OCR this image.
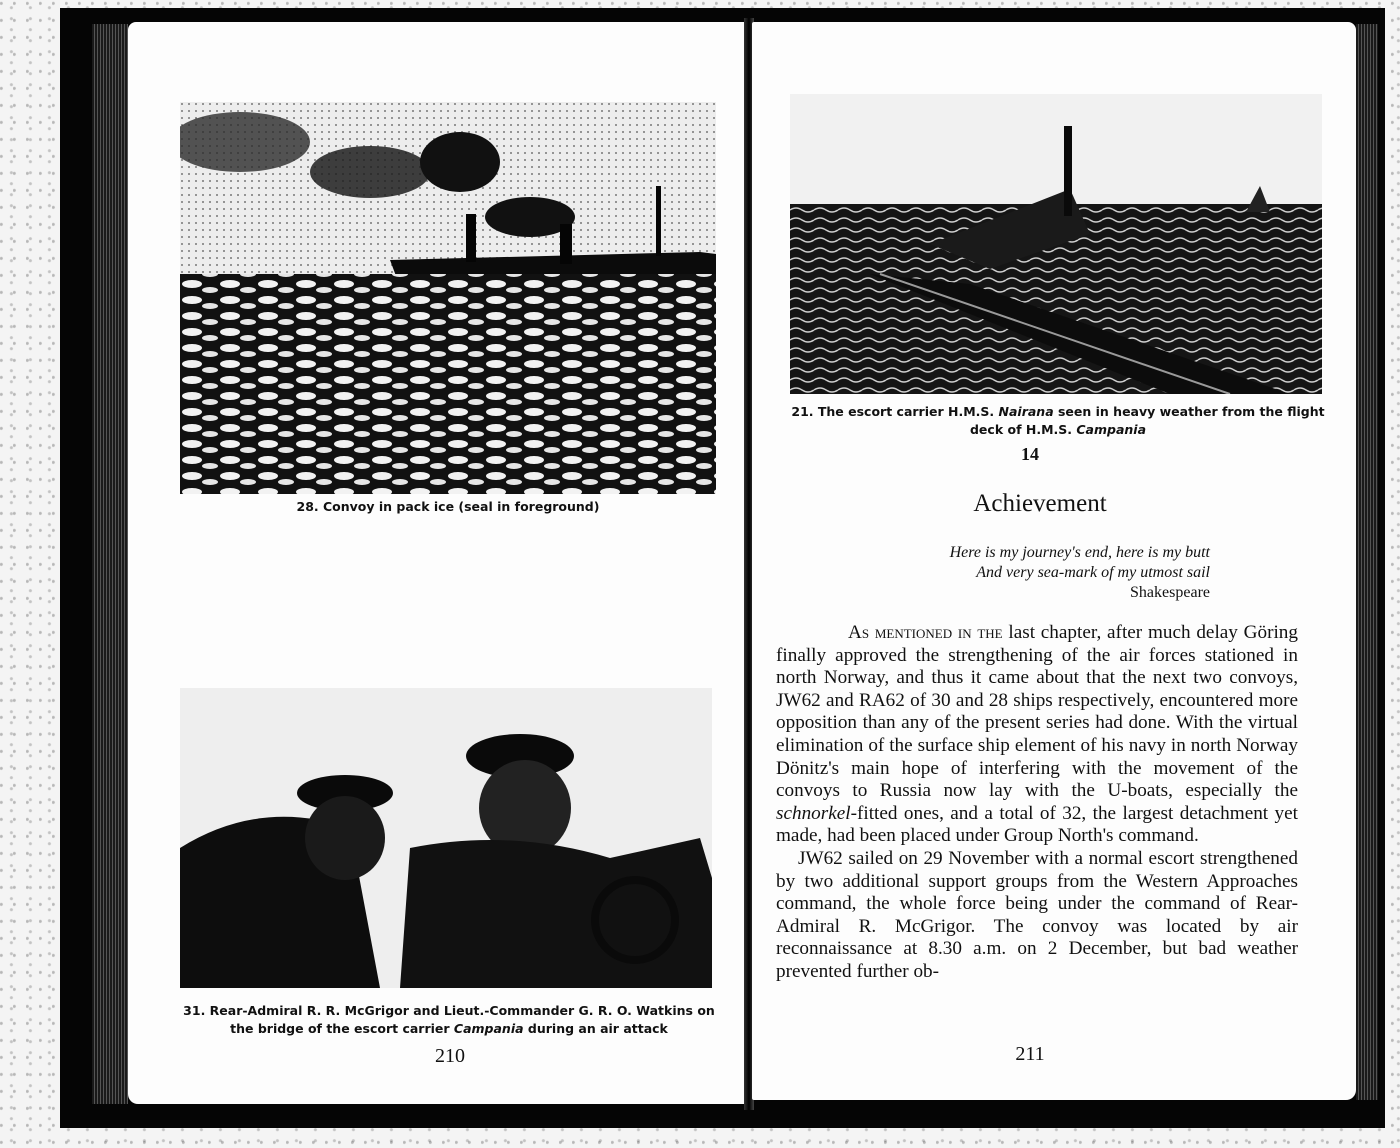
28. Convoy in pack ice (seal in foreground)
31. Rear-Admiral R. R. McGrigor and Lieut.-Commander G. R. O. Watkins on the bridge of the escort carrier Campania during an air attack
210
21. The escort carrier H.M.S. Nairana seen in heavy weather from the flight deck of H.M.S. Campania
14
Achievement
Here is my journey's end, here is my butt
And very sea-mark of my utmost sail
Shakespeare

As mentioned in the last chapter, after much delay Göring finally approved the strengthening of the air forces stationed in north Norway, and thus it came about that the next two convoys, JW62 and RA62 of 30 and 28 ships respectively, encountered more opposition than any of the present series had done. With the virtual elimination of the surface ship element of his navy in north Norway Dönitz's main hope of interfering with the movement of the convoys to Russia now lay with the U-boats, especially the schnorkel-fitted ones, and a total of 32, the largest detachment yet made, had been placed under Group North's command.

JW62 sailed on 29 November with a normal escort strengthened by two additional support groups from the Western Approaches command, the whole force being under the command of Rear-Admiral R. McGrigor. The convoy was located by air reconnaissance at 8.30 a.m. on 2 December, but bad weather prevented further ob-

211
